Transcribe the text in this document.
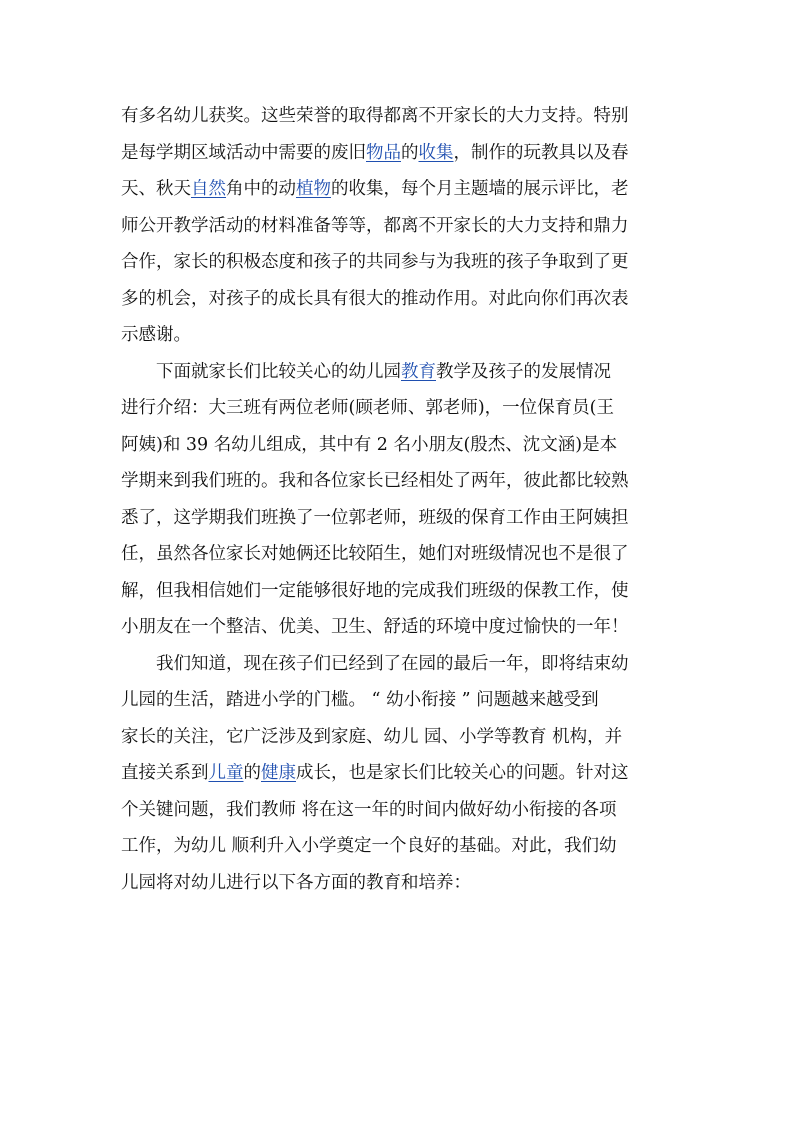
有多名幼儿获奖。这些荣誉的取得都离不开家长的大力支持。特别
是每学期区域活动中需要的废旧物品的收集，制作的玩教具以及春
天、秋天自然角中的动植物的收集，每个月主题墙的展示评比，老
师公开教学活动的材料准备等等，都离不开家长的大力支持和鼎力
合作，家长的积极态度和孩子的共同参与为我班的孩子争取到了更
多的机会，对孩子的成长具有很大的推动作用。对此向你们再次表
示感谢。
下面就家长们比较关心的幼儿园教育教学及孩子的发展情况
进行介绍：大三班有两位老师(顾老师、郭老师)，一位保育员(王
阿姨)和 39 名幼儿组成，其中有 2 名小朋友(殷杰、沈文涵)是本
学期来到我们班的。我和各位家长已经相处了两年，彼此都比较熟
悉了，这学期我们班换了一位郭老师，班级的保育工作由王阿姨担
任，虽然各位家长对她俩还比较陌生，她们对班级情况也不是很了
解，但我相信她们一定能够很好地的完成我们班级的保教工作，使
小朋友在一个整洁、优美、卫生、舒适的环境中度过愉快的一年！
我们知道，现在孩子们已经到了在园的最后一年，即将结束幼
儿园的生活，踏进小学的门槛。 “ 幼小衔接 ” 问题越来越受到
家长的关注，它广泛涉及到家庭、幼儿 园、小学等教育 机构，并
直接关系到儿童的健康成长，也是家长们比较关心的问题。针对这
个关键问题，我们教师 将在这一年的时间内做好幼小衔接的各项
工作，为幼儿 顺利升入小学奠定一个良好的基础。对此，我们幼
儿园将对幼儿进行以下各方面的教育和培养：
